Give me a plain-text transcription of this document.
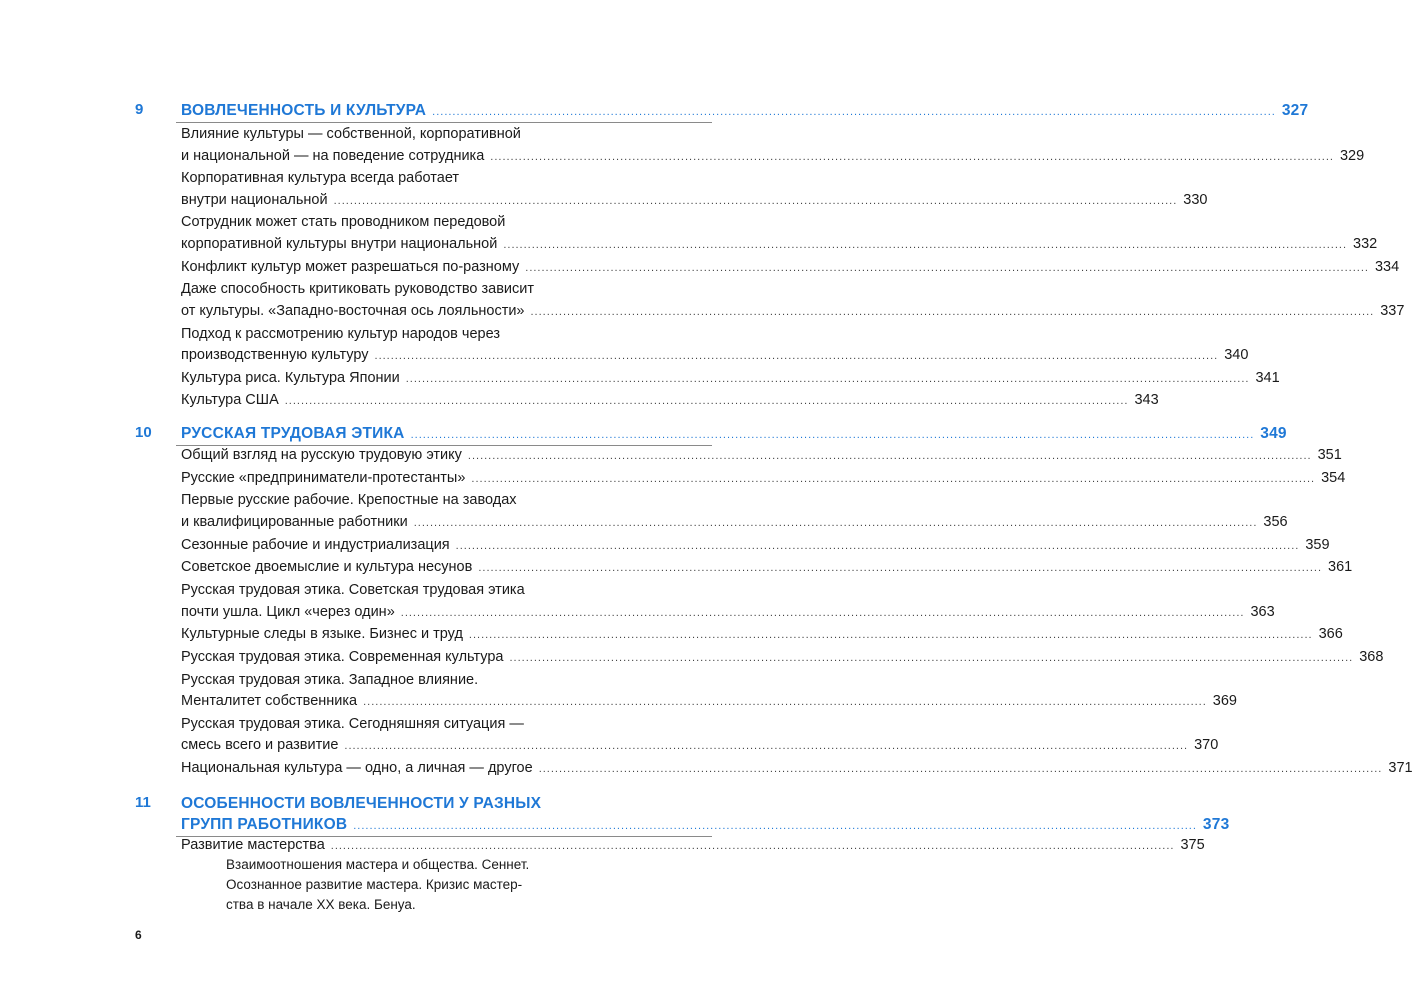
9 ВОВЛЕЧЕННОСТЬ И КУЛЬТУРА .....	327
Влияние культуры — собственной, корпоративной
и национальной — на поведение сотрудника .....	329
Корпоративная культура всегда работает
внутри национальной .....	330
Сотрудник может стать проводником передовой
корпоративной культуры внутри национальной .....	332
Конфликт культур может разрешаться по-разному .....	334
Даже способность критиковать руководство зависит
от культуры. «Западно-восточная ось лояльности» .....	337
Подход к рассмотрению культур народов через
производственную культуру .....	340
Культура риса. Культура Японии .....	341
Культура США .....	343
10 РУССКАЯ ТРУДОВАЯ ЭТИКА .....	349
Общий взгляд на русскую трудовую этику .....	351
Русские «предприниматели-протестанты» .....	354
Первые русские рабочие. Крепостные на заводах
и квалифицированные работники .....	356
Сезонные рабочие и индустриализация .....	359
Советское двоемыслие и культура несунов .....	361
Русская трудовая этика. Советская трудовая этика
почти ушла. Цикл «через один» .....	363
Культурные следы в языке. Бизнес и труд .....	366
Русская трудовая этика. Современная культура .....	368
Русская трудовая этика. Западное влияние.
Менталитет собственника .....	369
Русская трудовая этика. Сегодняшняя ситуация —
смесь всего и развитие .....	370
Национальная культура — одно, а личная — другое .....	371
11 ОСОБЕННОСТИ ВОВЛЕЧЕННОСТИ У РАЗНЫХ
ГРУПП РАБОТНИКОВ .....	373
Развитие мастерства .....	375
Взаимоотношения мастера и общества. Сеннет.
Осознанное развитие мастера. Кризис мастер-
ства в начале XX века. Бенуа.
6
